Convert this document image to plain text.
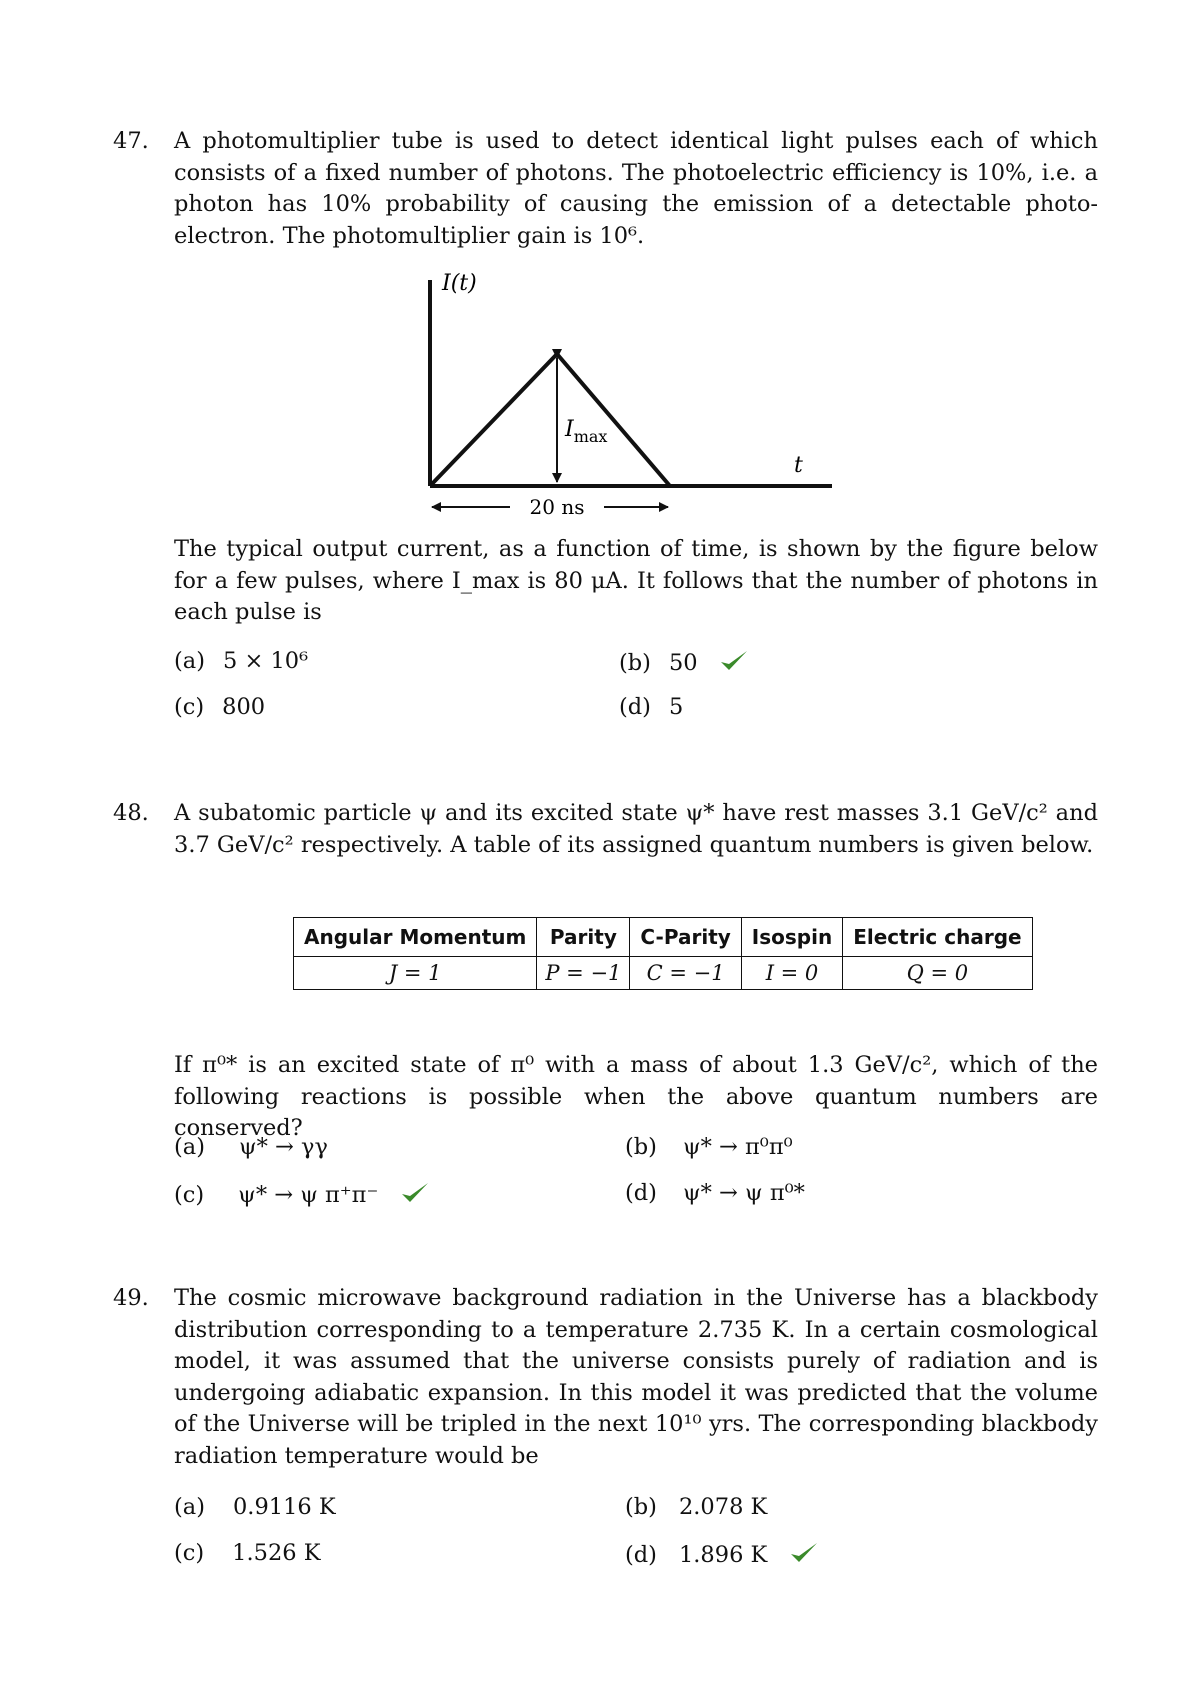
47. A photomultiplier tube is used to detect identical light pulses each of which consists of a fixed number of photons. The photoelectric efficiency is 10%, i.e. a photon has 10% probability of causing the emission of a detectable photo-electron. The photomultiplier gain is 10⁶.
I(t)
t
$I_{max}$
20 ns
The typical output current, as a function of time, is shown by the figure below for a few pulses, where I_max is 80 μA. It follows that the number of photons in each pulse is
(a) 5 × 10⁶	(b) 50
(c) 800	(d) 5
48. A subatomic particle ψ and its excited state ψ* have rest masses 3.1 GeV/c² and 3.7 GeV/c² respectively. A table of its assigned quantum numbers is given below.
Angular Momentum	Parity	C-Parity	Isospin	Electric charge
J = 1	P = −1	C = −1	I = 0	Q = 0
If π⁰* is an excited state of π⁰ with a mass of about 1.3 GeV/c², which of the following reactions is possible when the above quantum numbers are conserved?
(a) ψ* → γγ	(b) ψ* → π⁰π⁰
(c) ψ* → ψ π⁺π⁻	(d) ψ* → ψ π⁰*
49. The cosmic microwave background radiation in the Universe has a blackbody distribution corresponding to a temperature 2.735 K. In a certain cosmological model, it was assumed that the universe consists purely of radiation and is undergoing adiabatic expansion. In this model it was predicted that the volume of the Universe will be tripled in the next 10¹⁰ yrs. The corresponding blackbody radiation temperature would be
(a) 0.9116 K	(b) 2.078 K
(c) 1.526 K	(d) 1.896 K
